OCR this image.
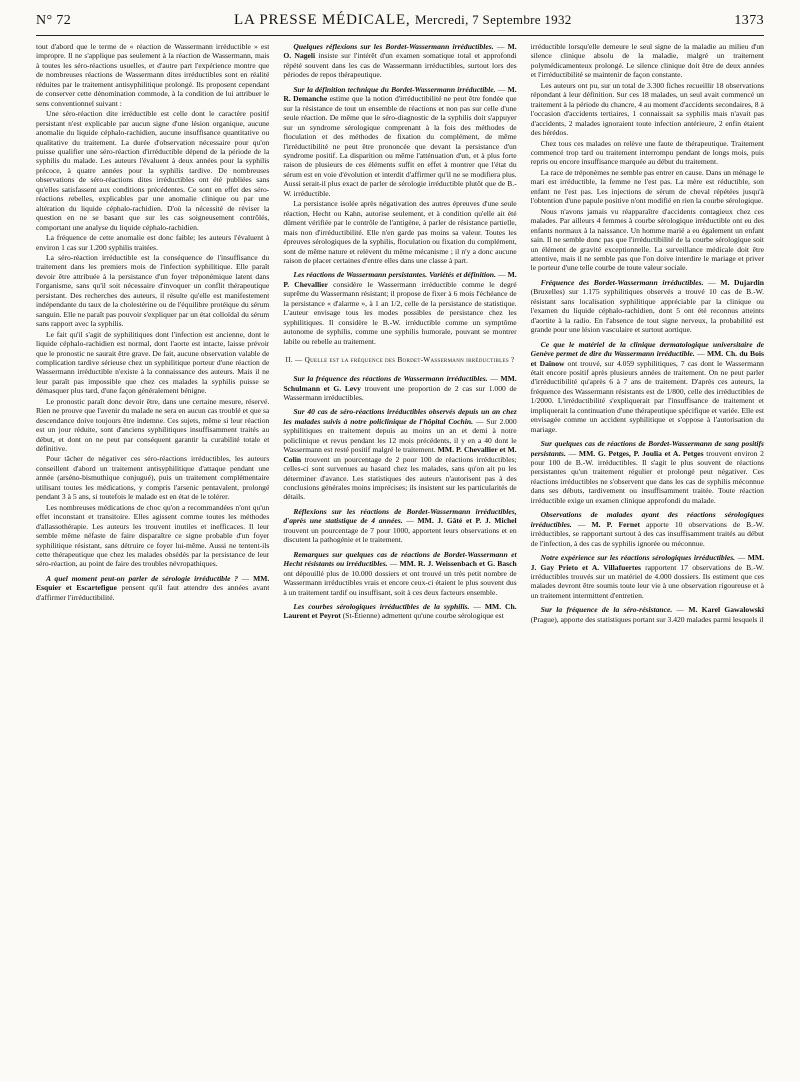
N° 72	LA PRESSE MÉDICALE, Mercredi, 7 Septembre 1932	1373

tout d'abord que le terme de « réaction de Wassermann irréductible » est impropre. Il ne s'applique pas seulement à la réaction de Wassermann, mais à toutes les séro-réactions usuelles, et d'autre part l'expérience montre que de nombreuses réactions de Wassermann dites irréductibles sont en réalité réduites par le traitement antisyphilitique prolongé. Ils proposent cependant de conserver cette dénomination commode, à la condition de lui attribuer le sens conventionnel suivant :

Une séro-réaction dite irréductible est celle dont le caractère positif persistant n'est explicable par aucun signe d'une lésion organique, aucune anomalie du liquide céphalo-rachidien, aucune insuffisance quantitative ou qualitative du traitement. La durée d'observation nécessaire pour qu'on puisse qualifier une séro-réaction d'irréductible dépend de la période de la syphilis du malade. Les auteurs l'évaluent à deux années pour la syphilis précoce, à quatre années pour la syphilis tardive. De nombreuses observations de séro-réactions dites irréductibles ont été publiées sans qu'elles satisfassent aux conditions précédentes. Ce sont en effet des séro-réactions rebelles, explicables par une anomalie clinique ou par une altération du liquide céphalo-rachidien. D'où la nécessité de réviser la question en ne se basant que sur les cas soigneusement contrôlés, comportant une analyse du liquide céphalo-rachidien.

La fréquence de cette anomalie est donc faible; les auteurs l'évaluent à environ 1 cas sur 1.200 syphilis traitées.

La séro-réaction irréductible est la conséquence de l'insuffisance du traitement dans les premiers mois de l'infection syphilitique. Elle paraît devoir être attribuée à la persistance d'un foyer tréponémique latent dans l'organisme, sans qu'il soit nécessaire d'invoquer un conflit thérapeutique persistant. Des recherches des auteurs, il résulte qu'elle est manifestement indépendante du taux de la cholestérine ou de l'équilibre protéique du sérum sanguin. Elle ne paraît pas pouvoir s'expliquer par un état colloïdal du sérum sans rapport avec la syphilis.

Le fait qu'il s'agit de syphilitiques dont l'infection est ancienne, dont le liquide céphalo-rachidien est normal, dont l'aorte est intacte, laisse prévoir que le pronostic ne saurait être grave. De fait, aucune observation valable de complication tardive sérieuse chez un syphilitique porteur d'une réaction de Wassermann irréductible n'existe à la connaissance des auteurs. Mais il ne leur paraît pas impossible que chez ces malades la syphilis puisse se démasquer plus tard, d'une façon généralement bénigne.

Le pronostic paraît donc devoir être, dans une certaine mesure, réservé. Rien ne prouve que l'avenir du malade ne sera en aucun cas troublé et que sa descendance doive toujours être indemne. Ces sujets, même si leur réaction est un jour réduite, sont d'anciens syphilitiques insuffisamment traités au début, et dont on ne peut par conséquent garantir la curabilité totale et définitive.

Pour tâcher de négativer ces séro-réactions irréductibles, les auteurs conseillent d'abord un traitement antisyphilitique d'attaque pendant une année (arséno-bismuthique conjugué), puis un traitement complémentaire utilisant toutes les médications, y compris l'arsenic pentavalent, prolongé pendant 3 à 5 ans, si toutefois le malade est en état de le tolérer.

Les nombreuses médications de choc qu'on a recommandées n'ont qu'un effet inconstant et transitoire. Elles agissent comme toutes les méthodes d'allassothérapie. Les auteurs les trouvent inutiles et inefficaces. Il leur semble même néfaste de faire disparaître ce signe probable d'un foyer syphilitique résistant, sans détruire ce foyer lui-même. Aussi ne tentent-ils cette thérapeutique que chez les malades obsédés par la persistance de leur séro-réaction, au point de faire des troubles névropathiques.

A quel moment peut-on parler de sérologie irréductible ? — MM. Esquier et Escartefigue pensent qu'il faut attendre des années avant d'affirmer l'irréductibilité.

Quelques réflexions sur les Bordet-Wassermann irréductibles. — M. O. Nageli insiste sur l'intérêt d'un examen somatique total et approfondi répété souvent dans les cas de Wassermann irréductibles, surtout lors des périodes de repos thérapeutique.

Sur la définition technique du Bordet-Wassermann irréductible. — M. R. Demanche estime que la notion d'irréductibilité ne peut être fondée que sur la résistance de tout un ensemble de réactions et non pas sur celle d'une seule réaction. De même que le séro-diagnostic de la syphilis doit s'appuyer sur un syndrome sérologique comprenant à la fois des méthodes de floculation et des méthodes de fixation du complément, de même l'irréductibilité ne peut être prononcée que devant la persistance d'un syndrome positif. La disparition ou même l'atténuation d'un, et à plus forte raison de plusieurs de ces éléments suffit en effet à montrer que l'état du sérum est en voie d'évolution et interdit d'affirmer qu'il ne se modifiera plus. Aussi serait-il plus exact de parler de sérologie irréductible plutôt que de B.-W. irréductible.

La persistance isolée après négativation des autres épreuves d'une seule réaction, Hecht ou Kahn, autorise seulement, et à condition qu'elle ait été dûment vérifiée par le contrôle de l'antigène, à parler de résistance partielle, mais non d'irréductibilité. Elle n'en garde pas moins sa valeur. Toutes les épreuves sérologiques de la syphilis, floculation ou fixation du complément, sont de même nature et relèvent du même mécanisme ; il n'y a donc aucune raison de placer certaines d'entre elles dans une classe à part.

Les réactions de Wassermann persistantes. Variétés et définition. — M. P. Chevallier considère le Wassermann irréductible comme le degré suprême du Wassermann résistant; il propose de fixer à 6 mois l'échéance de la persistance « d'alarme », à 1 an 1/2, celle de la persistance de statistique. L'auteur envisage tous les modes possibles de persistance chez les syphilitiques. Il considère le B.-W. irréductible comme un symptôme autonome de syphilis, comme une syphilis humorale, pouvant se montrer labile ou rebelle au traitement.

II. — Quelle est la fréquence des Bordet-Wassermann irréductibles ?

Sur la fréquence des réactions de Wassermann irréductibles. — MM. Schulmann et G. Levy trouvent une proportion de 2 cas sur 1.000 de Wassermann irréductibles.

Sur 40 cas de séro-réactions irréductibles observés depuis un an chez les malades suivis à notre policlinique de l'hôpital Cochin. — Sur 2.000 syphilitiques en traitement depuis au moins un an et demi à notre policlinique et revus pendant les 12 mois précédents, il y en a 40 dont le Wassermann est resté positif malgré le traitement. MM. P. Chevallier et M. Colin trouvent un pourcentage de 2 pour 100 de réactions irréductibles; celles-ci sont survenues au hasard chez les malades, sans qu'on ait pu les déterminer d'avance. Les statistiques des auteurs n'autorisent pas à des conclusions générales moins imprécises; ils insistent sur les particularités de détails.

Réflexions sur les réactions de Bordet-Wassermann irréductibles, d'après une statistique de 4 années. — MM. J. Gâté et P. J. Michel trouvent un pourcentage de 7 pour 1000, apportent leurs observations et en discutent la pathogénie et le traitement.

Remarques sur quelques cas de réactions de Bordet-Wassermann et Hecht résistants ou irréductibles. — MM. R. J. Weissenbach et G. Basch ont dépouillé plus de 10.000 dossiers et ont trouvé un très petit nombre de Wassermann irréductibles vrais et encore ceux-ci étaient le plus souvent dus à un traitement tardif ou insuffisant, soit à ces deux facteurs ensemble.

Les courbes sérologiques irréductibles de la syphilis. — MM. Ch. Laurent et Peyrot (St-Étienne) admettent qu'une courbe sérologique est

irréductible lorsqu'elle demeure le seul signe de la maladie au milieu d'un silence clinique absolu de la maladie, malgré un traitement polymédicamenteux prolongé. Le silence clinique doit être de deux années et l'irréductibilité se maintenir de façon constante.

Les auteurs ont pu, sur un total de 3.300 fiches recueillir 18 observations répondant à leur définition. Sur ces 18 malades, un seul avait commencé un traitement à la période du chancre, 4 au moment d'accidents secondaires, 8 à l'occasion d'accidents tertiaires, 1 connaissait sa syphilis mais n'avait pas d'accidents, 2 malades ignoraient toute infection antérieure, 2 enfin étaient des hérédos.

Chez tous ces malades on relève une faute de thérapeutique. Traitement commencé trop tard ou traitement interrompu pendant de longs mois, puis repris ou encore insuffisance marquée au début du traitement.

La race de tréponèmes ne semble pas entrer en cause. Dans un ménage le mari est irréductible, la femme ne l'est pas. La mère est réductible, son enfant ne l'est pas. Les injections de sérum de cheval répétées jusqu'à l'obtention d'une papule positive n'ont modifié en rien la courbe sérologique.

Nous n'avons jamais vu réapparaître d'accidents contagieux chez ces malades. Par ailleurs 4 femmes à courbe sérologique irréductible ont eu des enfants normaux à la naissance. Un homme marié a eu également un enfant sain. Il ne semble donc pas que l'irréductibilité de la courbe sérologique soit un élément de gravité exceptionnelle. La surveillance médicale doit être attentive, mais il ne semble pas que l'on doive interdire le mariage et priver le porteur d'une telle courbe de toute valeur sociale.

Fréquence des Bordet-Wassermann irréductibles. — M. Dujardin (Bruxelles) sur 1.175 syphilitiques observés a trouvé 10 cas de B.-W. résistant sans localisation syphilitique appréciable par la clinique ou l'examen du liquide céphalo-rachidien, dont 5 ont été reconnus atteints d'aortite à la radio. En l'absence de tout signe nerveux, la probabilité est grande pour une lésion vasculaire et surtout aortique.

Ce que le matériel de la clinique dermatologique universitaire de Genève permet de dire du Wassermann irréductible. — MM. Ch. du Bois et Daïnow ont trouvé, sur 4.059 syphilitiques, 7 cas dont le Wassermann était encore positif après plusieurs années de traitement. On ne peut parler d'irréductibilité qu'après 6 à 7 ans de traitement. D'après ces auteurs, la fréquence des Wassermann résistants est de 1/800, celle des irréductibles de 1/2000. L'irréductibilité s'expliquerait par l'insuffisance de traitement et impliquerait la continuation d'une thérapeutique spécifique et variée. Elle est envisagée comme un accident syphilitique et s'oppose à l'autorisation du mariage.

Sur quelques cas de réactions de Bordet-Wassermann de sang positifs persistants. — MM. G. Petges, P. Joulia et A. Petges trouvent environ 2 pour 100 de B.-W. irréductibles. Il s'agit le plus souvent de réactions persistantes qu'un traitement régulier et prolongé peut négativer. Ces réactions irréductibles ne s'observent que dans les cas de syphilis méconnue dans ses débuts, tardivement ou insuffisamment traitée. Toute réaction irréductible exige un examen clinique approfondi du malade.

Observations de malades ayant des réactions sérologiques irréductibles. — M. P. Fernet apporte 10 observations de B.-W. irréductibles, se rapportant surtout à des cas insuffisamment traités au début de l'infection, à des cas de syphilis ignorée ou méconnue.

Notre expérience sur les réactions sérologiques irréductibles. — MM. J. Gay Prieto et A. Villafuertes rapportent 17 observations de B.-W. irréductibles trouvés sur un matériel de 4.000 dossiers. Ils estiment que ces malades devront être soumis toute leur vie à une observation rigoureuse et à un traitement intermittent d'entretien.

Sur la fréquence de la séro-résistance. — M. Karel Gawalowski (Prague), apporte des statistiques portant sur 3.420 malades parmi lesquels il
